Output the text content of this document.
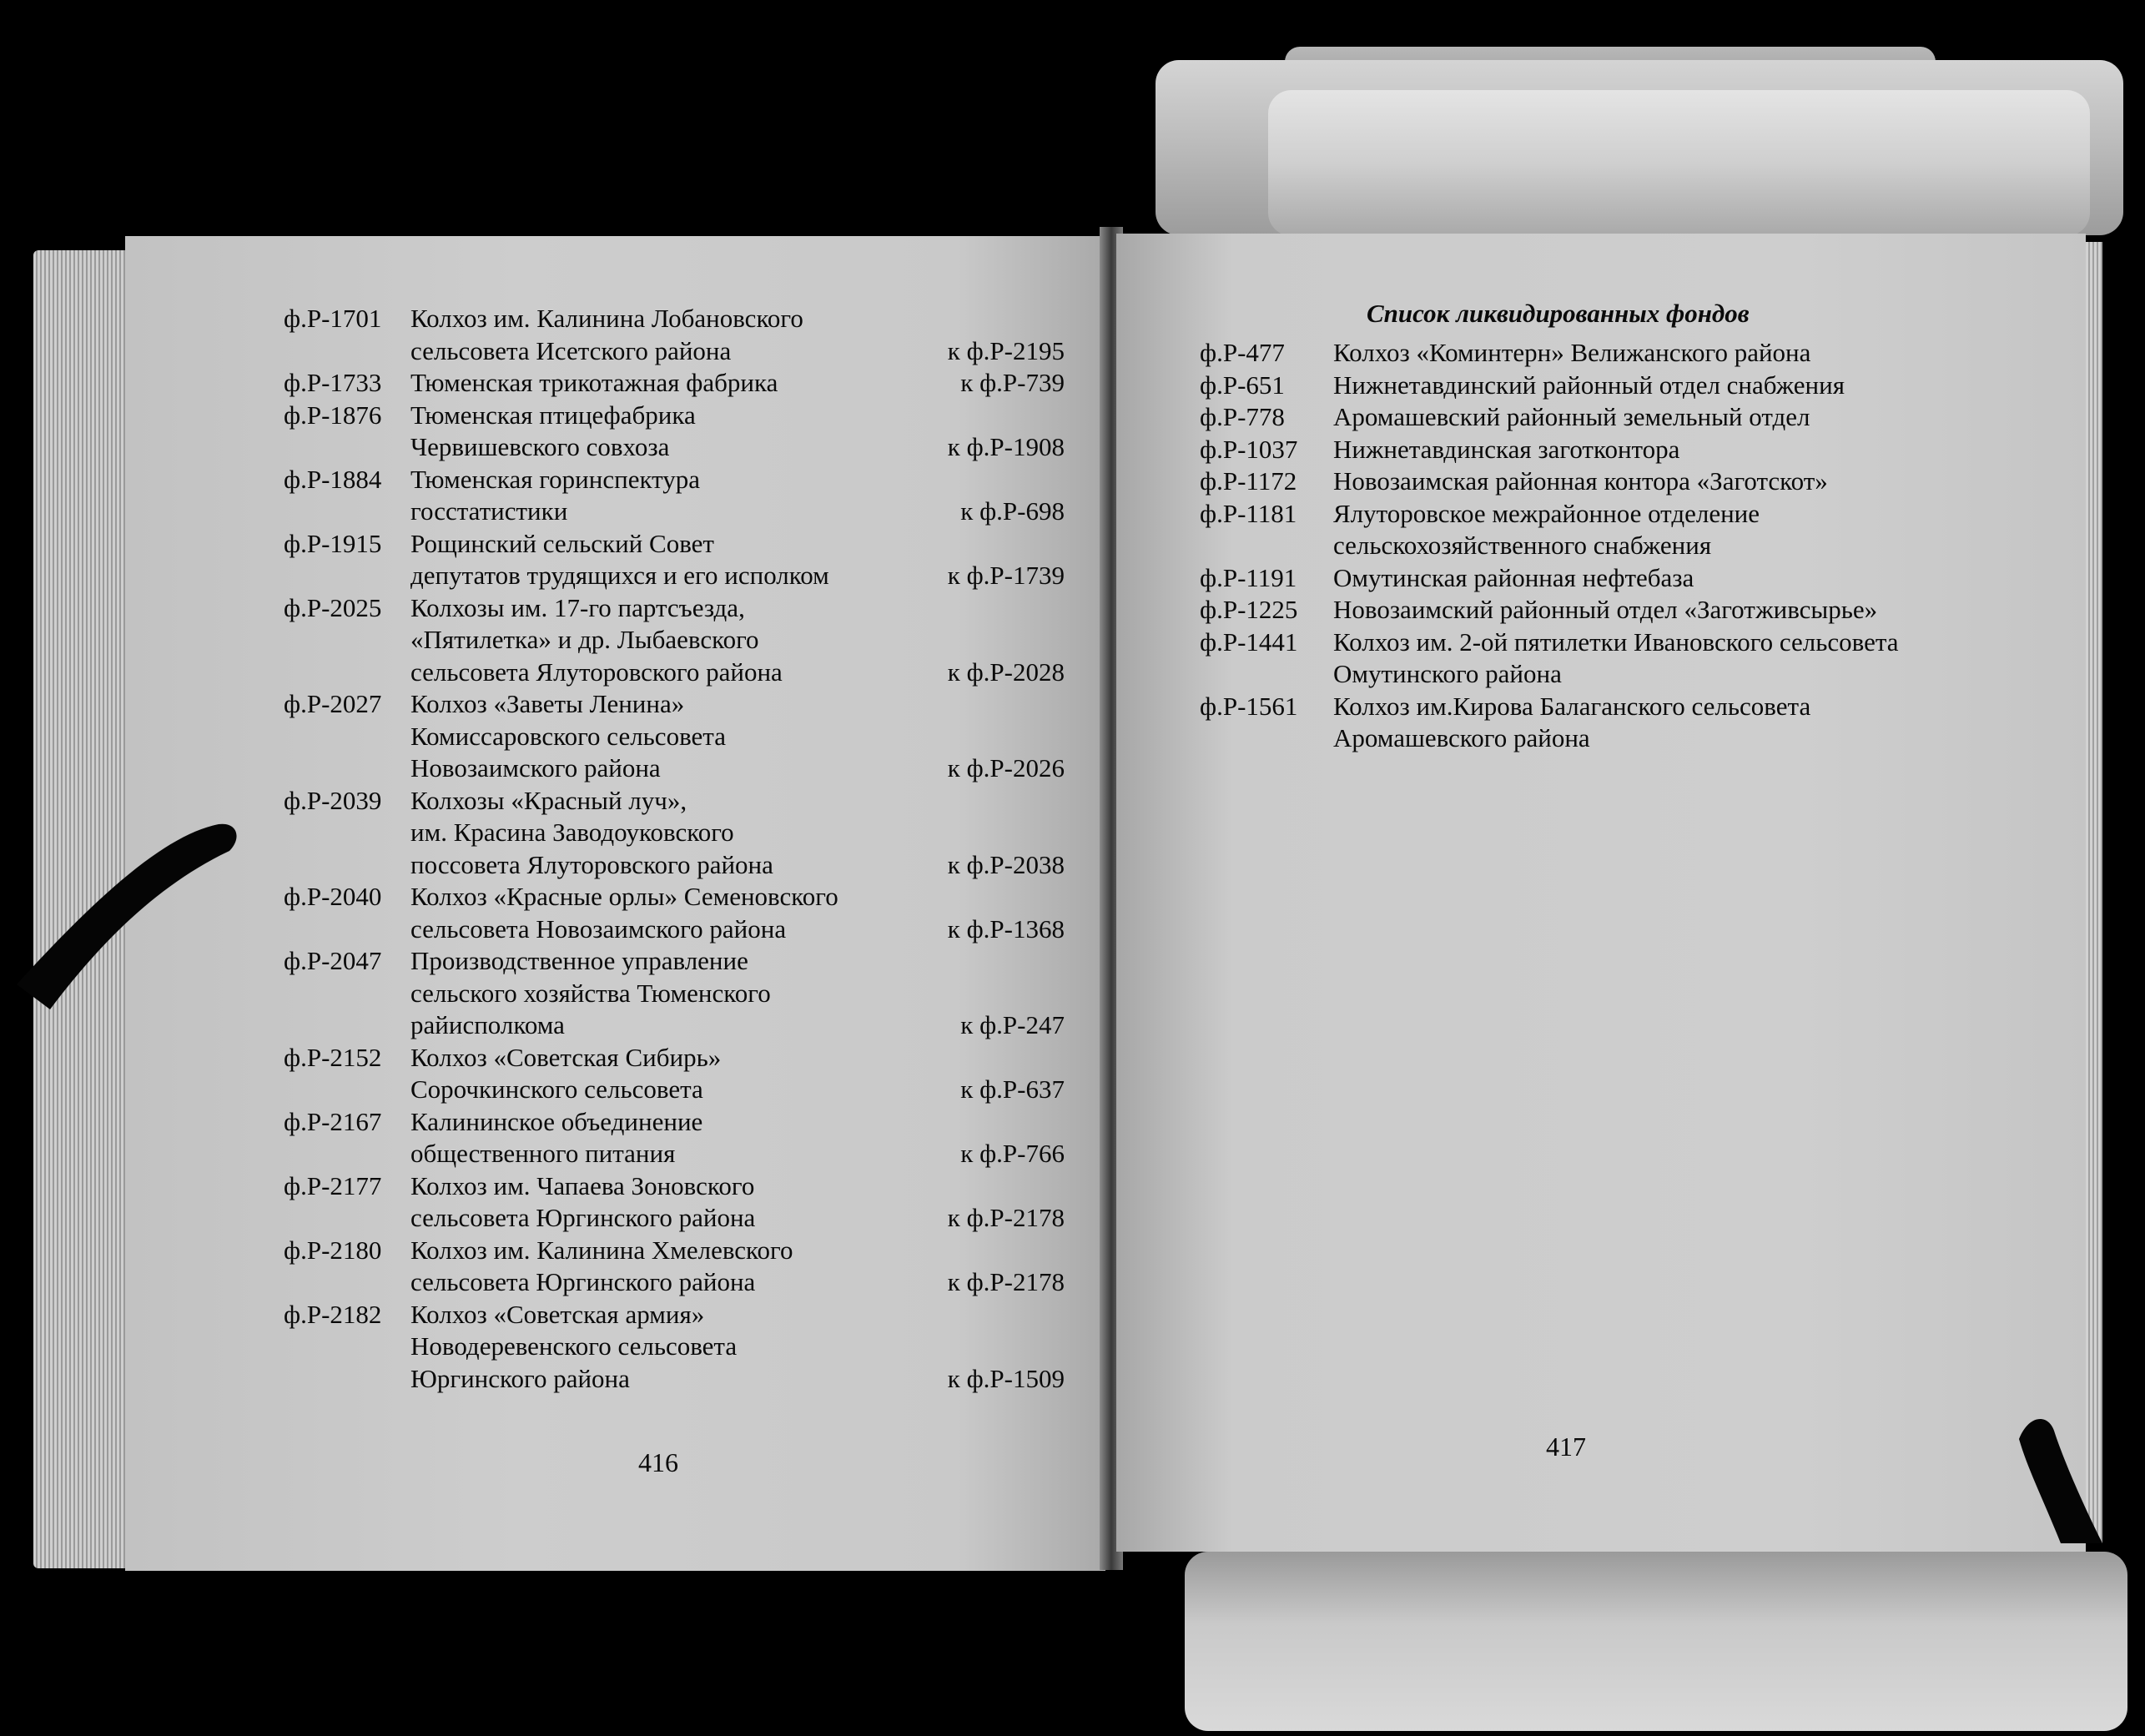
ф.Р-1701	Колхоз им. Калинина Лобановского
сельсовета Исетского района	к ф.Р-2195
ф.Р-1733	Тюменская трикотажная фабрика	к ф.Р-739
ф.Р-1876	Тюменская птицефабрика
Червишевского совхоза	к ф.Р-1908
ф.Р-1884	Тюменская горинспектура
госстатистики	к ф.Р-698
ф.Р-1915	Рощинский сельский Совет
депутатов трудящихся и его исполком	к ф.Р-1739
ф.Р-2025	Колхозы им. 17-го партсъезда,
«Пятилетка» и др. Лыбаевского
сельсовета Ялуторовского района	к ф.Р-2028
ф.Р-2027	Колхоз «Заветы Ленина»
Комиссаровского сельсовета
Новозаимского района	к ф.Р-2026
ф.Р-2039	Колхозы «Красный луч»,
им. Красина Заводоуковского
поссовета Ялуторовского района	к ф.Р-2038
ф.Р-2040	Колхоз «Красные орлы» Семеновского
сельсовета Новозаимского района	к ф.Р-1368
ф.Р-2047	Производственное управление
сельского хозяйства Тюменского
райисполкома	к ф.Р-247
ф.Р-2152	Колхоз «Советская Сибирь»
Сорочкинского сельсовета	к ф.Р-637
ф.Р-2167	Калининское объединение
общественного питания	к ф.Р-766
ф.Р-2177	Колхоз им. Чапаева Зоновского
сельсовета Юргинского района	к ф.Р-2178
ф.Р-2180	Колхоз им. Калинина Хмелевского
сельсовета Юргинского района	к ф.Р-2178
ф.Р-2182	Колхоз «Советская армия»
Новодеревенского сельсовета
Юргинского района	к ф.Р-1509
416
Список ликвидированных фондов
ф.Р-477	Колхоз «Коминтерн» Велижанского района
ф.Р-651	Нижнетавдинский районный отдел снабжения
ф.Р-778	Аромашевский районный земельный отдел
ф.Р-1037	Нижнетавдинская заготконтора
ф.Р-1172	Новозаимская районная контора «Заготскот»
ф.Р-1181	Ялуторовское межрайонное отделение
сельскохозяйственного снабжения
ф.Р-1191	Омутинская районная нефтебаза
ф.Р-1225	Новозаимский районный отдел «Заготживсырье»
ф.Р-1441	Колхоз им. 2-ой пятилетки Ивановского сельсовета
Омутинского района
ф.Р-1561	Колхоз им.Кирова Балаганского сельсовета
Аромашевского района
417
